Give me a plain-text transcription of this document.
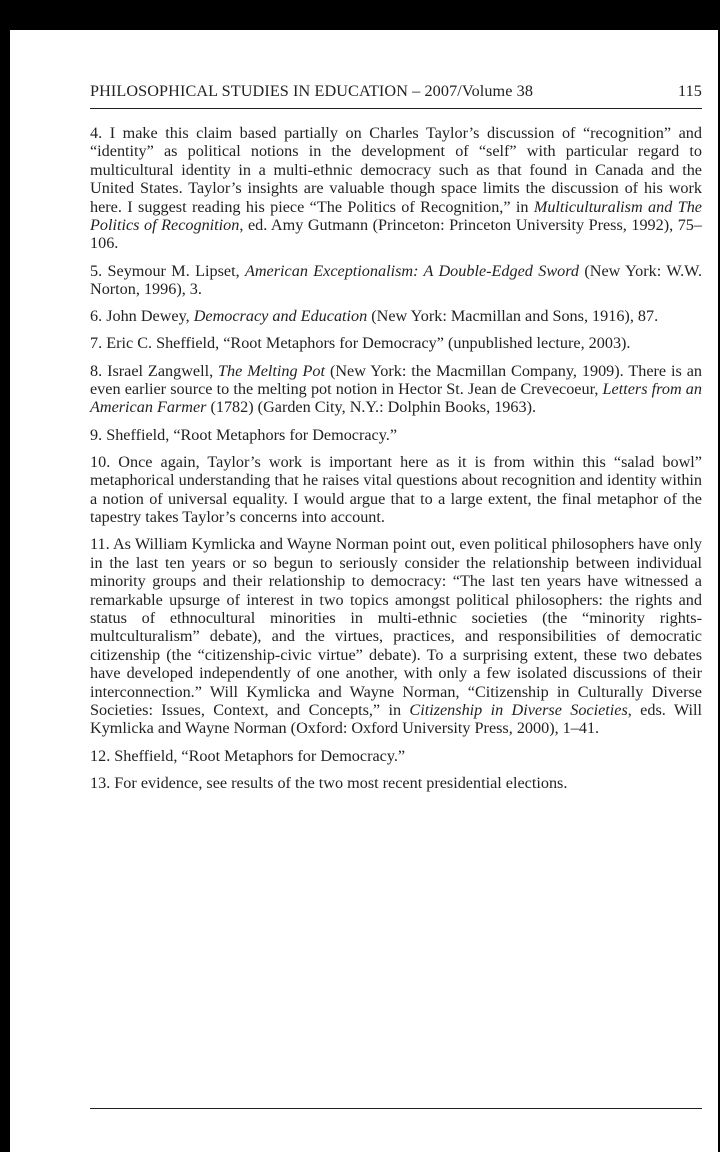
PHILOSOPHICAL STUDIES IN EDUCATION – 2007/Volume 38	115

4. I make this claim based partially on Charles Taylor’s discussion of “recognition” and “identity” as political notions in the development of “self” with particular regard to multicultural identity in a multi-ethnic democracy such as that found in Canada and the United States. Taylor’s insights are valuable though space limits the discussion of his work here. I suggest reading his piece “The Politics of Recognition,” in Multiculturalism and The Politics of Recognition, ed. Amy Gutmann (Princeton: Princeton University Press, 1992), 75–106.

5. Seymour M. Lipset, American Exceptionalism: A Double-Edged Sword (New York: W.W. Norton, 1996), 3.

6. John Dewey, Democracy and Education (New York: Macmillan and Sons, 1916), 87.

7. Eric C. Sheffield, “Root Metaphors for Democracy” (unpublished lecture, 2003).

8. Israel Zangwell, The Melting Pot (New York: the Macmillan Company, 1909). There is an even earlier source to the melting pot notion in Hector St. Jean de Crevecoeur, Letters from an American Farmer (1782) (Garden City, N.Y.: Dolphin Books, 1963).

9. Sheffield, “Root Metaphors for Democracy.”

10. Once again, Taylor’s work is important here as it is from within this “salad bowl” metaphorical understanding that he raises vital questions about recognition and identity within a notion of universal equality. I would argue that to a large extent, the final metaphor of the tapestry takes Taylor’s concerns into account.

11. As William Kymlicka and Wayne Norman point out, even political philosophers have only in the last ten years or so begun to seriously consider the relationship between individual minority groups and their relationship to democracy: “The last ten years have witnessed a remarkable upsurge of interest in two topics amongst political philosophers: the rights and status of ethnocultural minorities in multi-ethnic societies (the “minority rights-multculturalism” debate), and the virtues, practices, and responsibilities of democratic citizenship (the “citizenship-civic virtue” debate). To a surprising extent, these two debates have developed independently of one another, with only a few isolated discussions of their interconnection.” Will Kymlicka and Wayne Norman, “Citizenship in Culturally Diverse Societies: Issues, Context, and Concepts,” in Citizenship in Diverse Societies, eds. Will Kymlicka and Wayne Norman (Oxford: Oxford University Press, 2000), 1–41.

12. Sheffield, “Root Metaphors for Democracy.”

13. For evidence, see results of the two most recent presidential elections.
